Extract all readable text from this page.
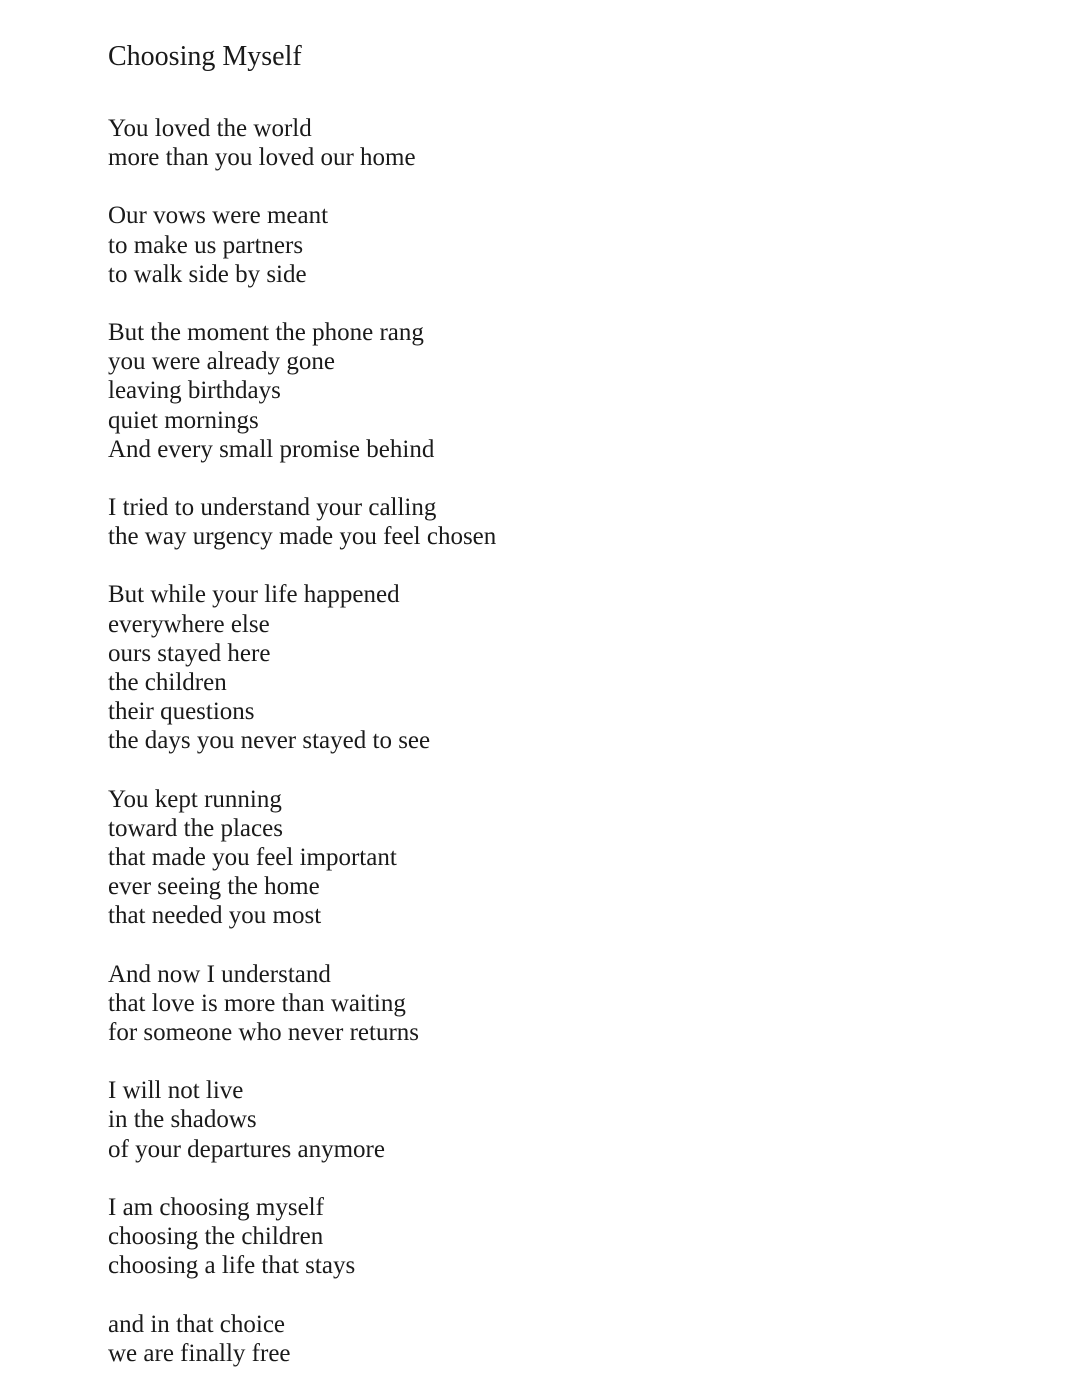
Choosing Myself
You loved the world
more than you loved our home
Our vows were meant
to make us partners
to walk side by side
But the moment the phone rang
you were already gone
leaving birthdays
quiet mornings
And every small promise behind
I tried to understand your calling
the way urgency made you feel chosen
But while your life happened
everywhere else
ours stayed here
the children
their questions
the days you never stayed to see
You kept running
toward the places
that made you feel important
ever seeing the home
that needed you most
And now I understand
that love is more than waiting
for someone who never returns
I will not live
in the shadows
of your departures anymore
I am choosing myself
choosing the children
choosing a life that stays
and in that choice
we are finally free
